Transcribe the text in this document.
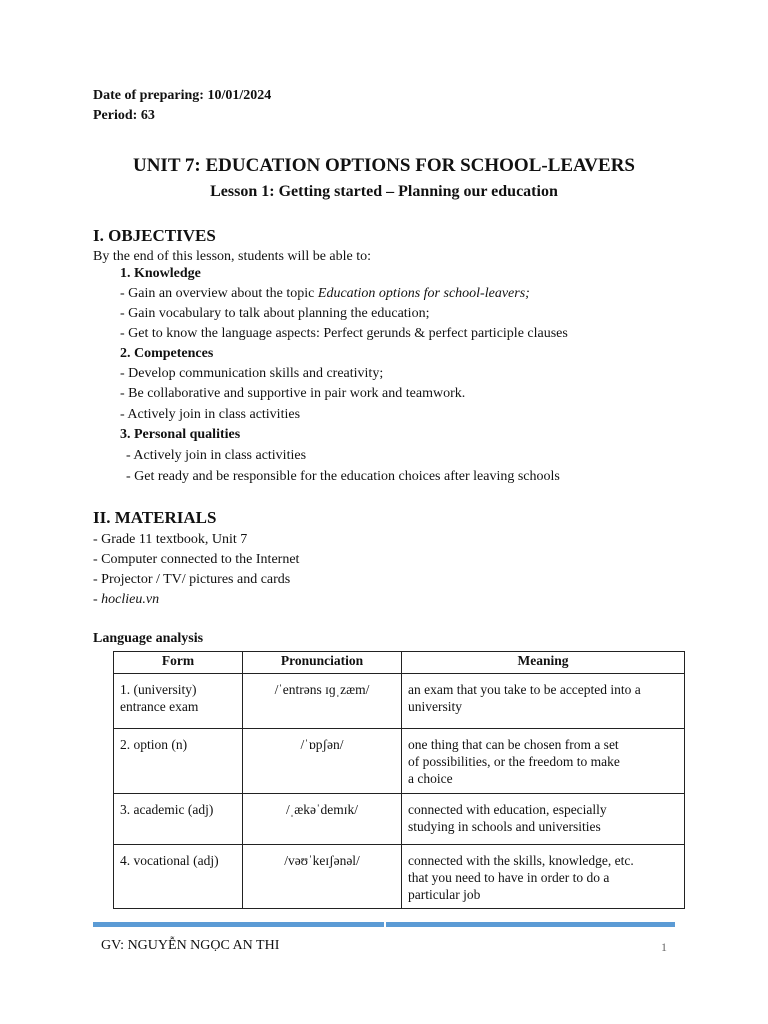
Date of preparing: 10/01/2024
Period: 63
UNIT 7: EDUCATION OPTIONS FOR SCHOOL-LEAVERS
Lesson 1: Getting started – Planning our education
I. OBJECTIVES
By the end of this lesson, students will be able to:
1. Knowledge
- Gain an overview about the topic Education options for school-leavers;
- Gain vocabulary to talk about planning the education;
- Get to know the language aspects: Perfect gerunds & perfect participle clauses
2. Competences
- Develop communication skills and creativity;
- Be collaborative and supportive in pair work and teamwork.
- Actively join in class activities
3. Personal qualities
- Actively join in class activities
- Get ready and be responsible for the education choices after leaving schools
II. MATERIALS
- Grade 11 textbook, Unit 7
- Computer connected to the Internet
- Projector / TV/ pictures and cards
- hoclieu.vn
Language analysis
Form	Pronunciation	Meaning
1. (university)
entrance exam	/ˈentrəns ɪɡˌzæm/	an exam that you take to be accepted into a
university
2. option (n)	/ˈɒpʃən/	one thing that can be chosen from a set
of possibilities, or the freedom to make
a choice
3. academic (adj)	/ˌækəˈdemɪk/	connected with education, especially
studying in schools and universities
4. vocational (adj)	/vəʊˈkeɪʃənəl/	connected with the skills, knowledge, etc.
that you need to have in order to do a
particular job
GV: NGUYỄN NGỌC AN THI	1
